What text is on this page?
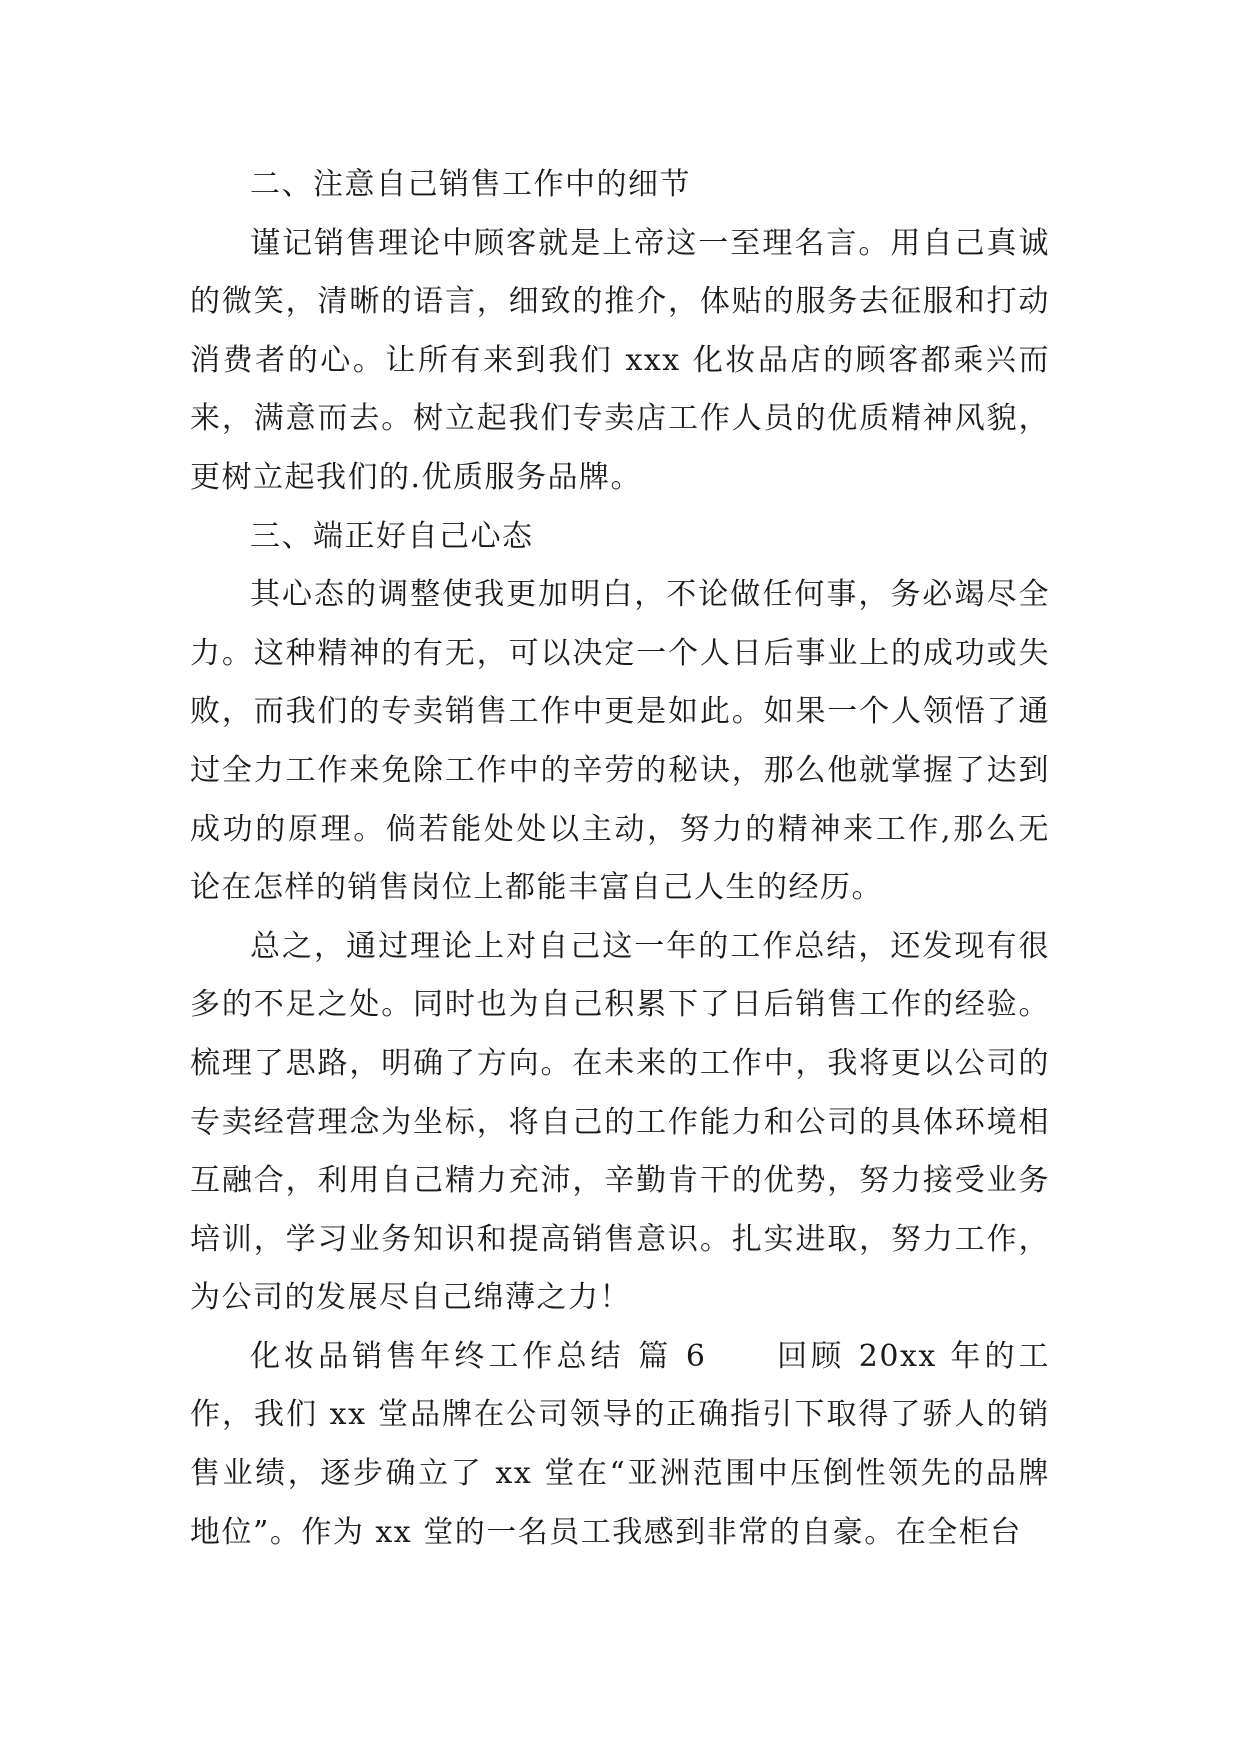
二、注意自己销售工作中的细节

谨记销售理论中顾客就是上帝这一至理名言。用自己真诚的微笑，清晰的语言，细致的推介，体贴的服务去征服和打动消费者的心。让所有来到我们 xxx 化妆品店的顾客都乘兴而来，满意而去。树立起我们专卖店工作人员的优质精神风貌，更树立起我们的.优质服务品牌。

三、端正好自己心态

其心态的调整使我更加明白，不论做任何事，务必竭尽全力。这种精神的有无，可以决定一个人日后事业上的成功或失败，而我们的专卖销售工作中更是如此。如果一个人领悟了通过全力工作来免除工作中的辛劳的秘诀，那么他就掌握了达到成功的原理。倘若能处处以主动，努力的精神来工作,那么无论在怎样的销售岗位上都能丰富自己人生的经历。

总之，通过理论上对自己这一年的工作总结，还发现有很多的不足之处。同时也为自己积累下了日后销售工作的经验。梳理了思路，明确了方向。在未来的工作中，我将更以公司的专卖经营理念为坐标，将自己的工作能力和公司的具体环境相互融合，利用自己精力充沛，辛勤肯干的优势，努力接受业务培训，学习业务知识和提高销售意识。扎实进取，努力工作，为公司的发展尽自己绵薄之力！

化妆品销售年终工作总结 篇 6　　回顾 20xx 年的工作，我们 xx 堂品牌在公司领导的正确指引下取得了骄人的销售业绩，逐步确立了 xx 堂在“亚洲范围中压倒性领先的品牌地位”。作为 xx 堂的一名员工我感到非常的自豪。在全柜台
